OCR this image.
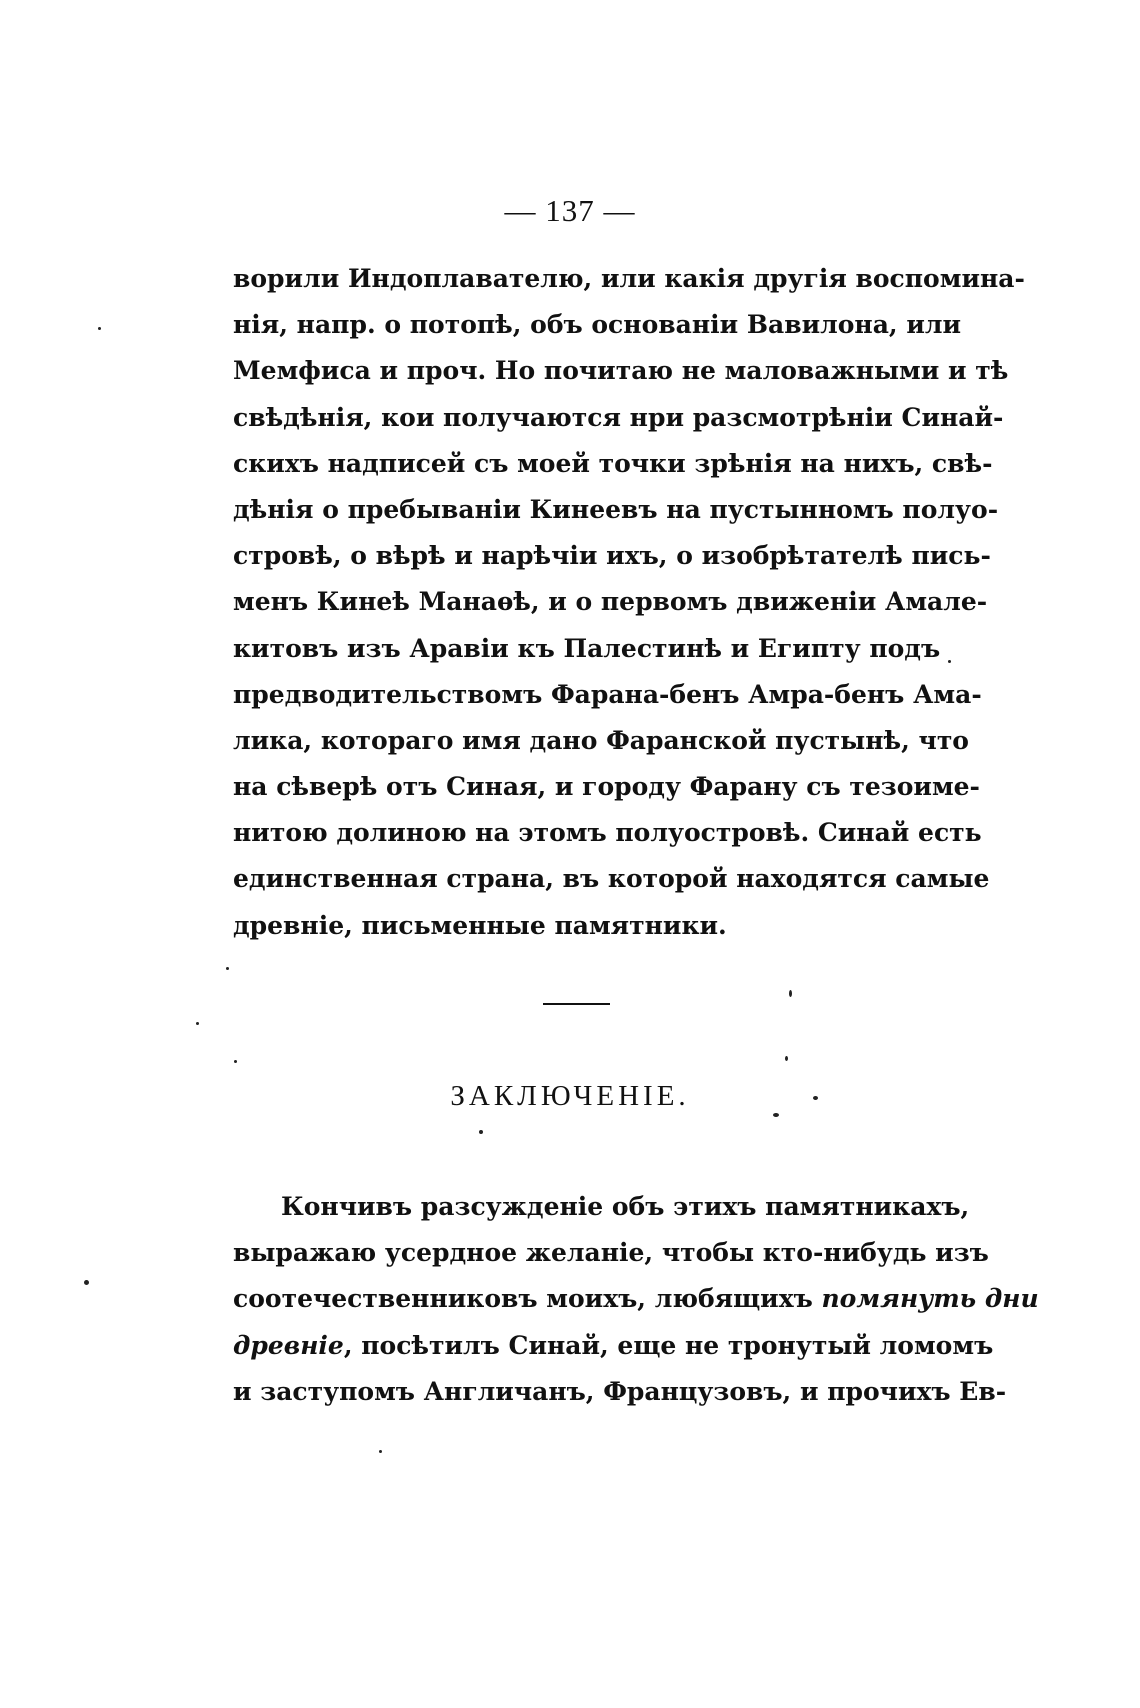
— 137 —
ворили Индоплавателю, или какія другія воспомина-
нія, напр. о потопѣ, объ основаніи Вавилона, или
Мемфиса и проч. Но почитаю не маловажными и тѣ
свѣдѣнія, кои получаются нри разсмотрѣніи Синай-
скихъ надписей съ моей точки зрѣнія на нихъ, свѣ-
дѣнія о пребываніи Кинеевъ на пустынномъ полуо-
стровѣ, о вѣрѣ и нарѣчіи ихъ, о изобрѣтателѣ пись-
менъ Кинеѣ Манаѳѣ, и о первомъ движеніи Амале-
китовъ изъ Аравіи къ Палестинѣ и Египту подъ
предводительствомъ Фарана-бенъ Амра-бенъ Ама-
лика, котораго имя дано Фаранской пустынѣ, что
на сѣверѣ отъ Синая, и городу Фарану съ тезоиме-
нитою долиною на этомъ полуостровѣ. Синай есть
единственная страна, въ которой находятся самые
древніе, письменные памятники.
ЗАКЛЮЧЕНІЕ.
Кончивъ разсужденіе объ этихъ памятникахъ,
выражаю усердное желаніе, чтобы кто-нибудь изъ
соотечественниковъ моихъ, любящихъ помянуть дни
древніе, посѣтилъ Синай, еще не тронутый ломомъ
и заступомъ Англичанъ, Французовъ, и прочихъ Ев-
